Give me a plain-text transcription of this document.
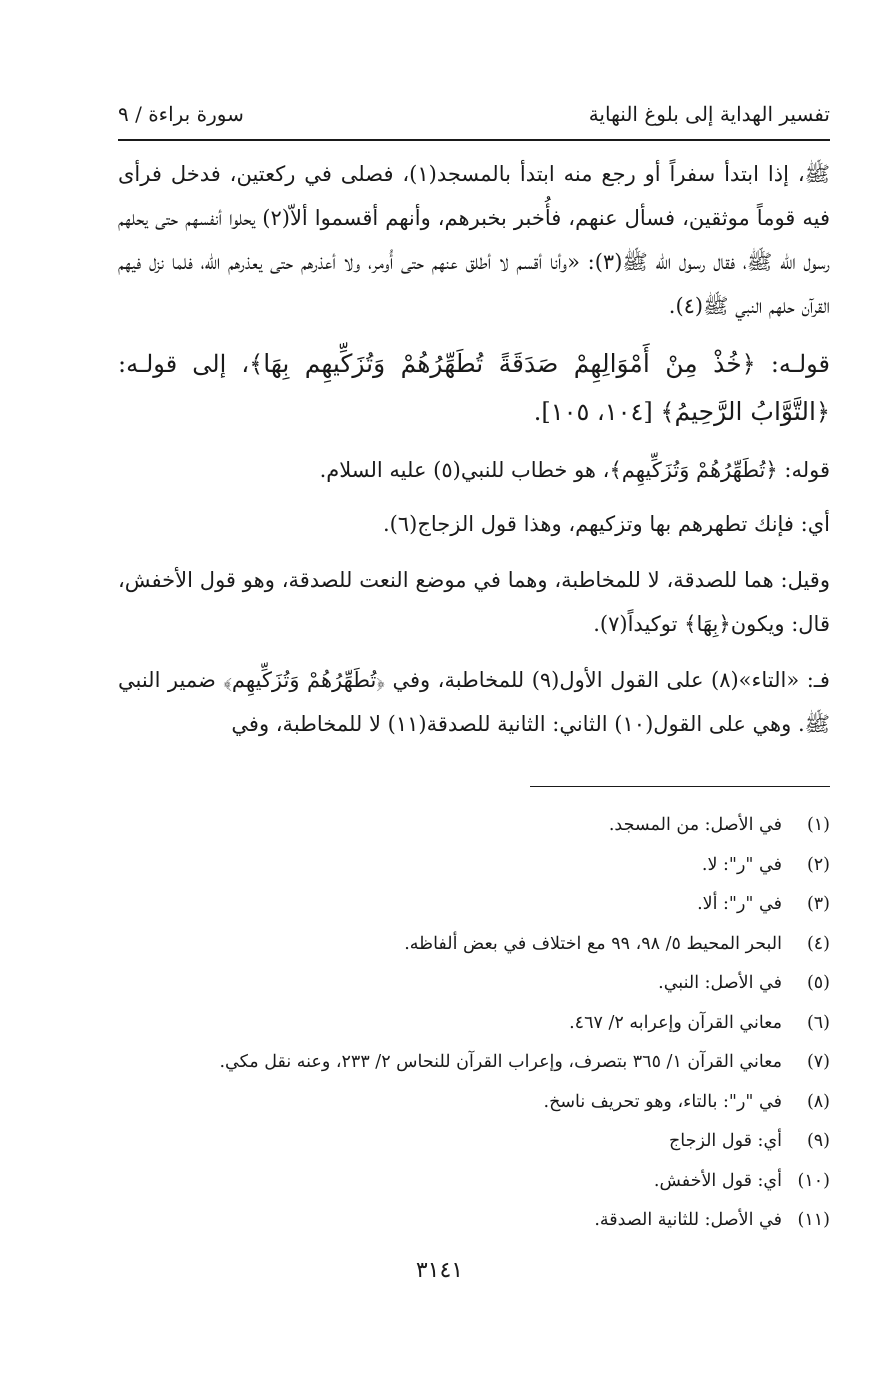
تفسير الهداية إلى بلوغ النهاية
سورة براءة / ٩

ﷺ، إذا ابتدأ سفراً أو رجع منه ابتدأ بالمسجد(١)، فصلى في ركعتين، فدخل فرأى فيه قوماً موثقين، فسأل عنهم، فأُخبر بخبرهم، وأنهم أقسموا ألاّ(٢) يحلوا أنفسهم حتى يحلهم رسول الله ﷺ، فقال رسول الله ﷺ(٣): «وأنا أقسم لا أطلق عنهم حتى أُومر، ولا أعذرهم حتى يعذرهم الله، فلما نزل فيهم القرآن حلهم النبي ﷺ(٤).

قولـه: ﴿خُذْ مِنْ أَمْوَالِهِمْ صَدَقَةً تُطَهِّرُهُمْ وَتُزَكِّيهِم بِهَا﴾، إلى قولـه: ﴿التَّوَّابُ الرَّحِيمُ﴾ [١٠٤، ١٠٥].

قوله: ﴿تُطَهِّرُهُمْ وَتُزَكِّيهِم﴾، هو خطاب للنبي(٥) عليه السلام.

أي: فإنك تطهرهم بها وتزكيهم، وهذا قول الزجاج(٦).

وقيل: هما للصدقة، لا للمخاطبة، وهما في موضع النعت للصدقة، وهو قول الأخفش، قال: ويكون﴿بِهَا﴾ توكيداً(٧).

فـ: «التاء»(٨) على القول الأول(٩) للمخاطبة، وفي ﴿تُطَهِّرُهُمْ وَتُزَكِّيهِم﴾ ضمير النبي ﷺ. وهي على القول(١٠) الثاني: الثانية للصدقة(١١) لا للمخاطبة، وفي

(١)
في الأصل: من المسجد.
(٢)
في "ر": لا.
(٣)
في "ر": ألا.
(٤)
البحر المحيط ٥/ ٩٨، ٩٩ مع اختلاف في بعض ألفاظه.
(٥)
في الأصل: النبي.
(٦)
معاني القرآن وإعرابه ٢/ ٤٦٧.
(٧)
معاني القرآن ١/ ٣٦٥ بتصرف، وإعراب القرآن للنحاس ٢/ ٢٣٣، وعنه نقل مكي.
(٨)
في "ر": بالتاء، وهو تحريف ناسخ.
(٩)
أي: قول الزجاج
(١٠)
أي: قول الأخفش.
(١١)
في الأصل: للثانية الصدقة.
٣١٤١
